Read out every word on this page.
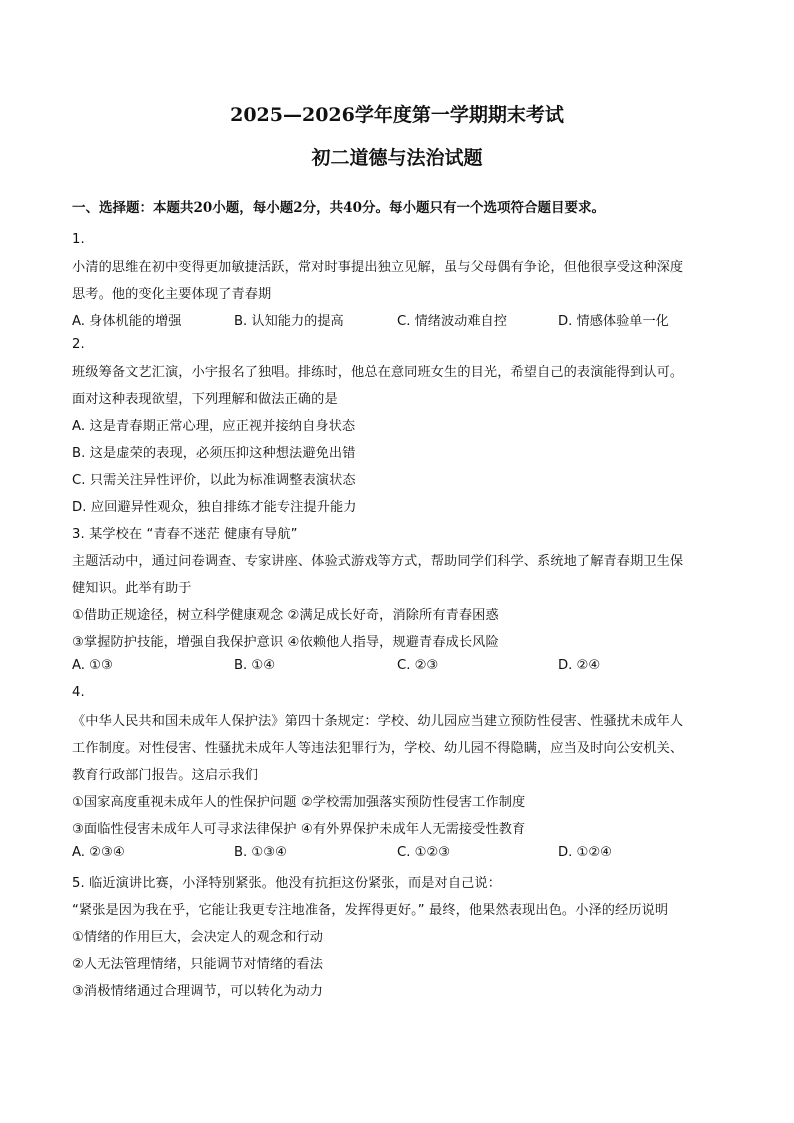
2025—2026学年度第一学期期末考试
初二道德与法治试题
一、选择题：本题共20小题，每小题2分，共40分。每小题只有一个选项符合题目要求。
1.
小清的思维在初中变得更加敏捷活跃，常对时事提出独立见解，虽与父母偶有争论，但他很享受这种深度
思考。他的变化主要体现了青春期
A. 身体机能的增强	B. 认知能力的提高	C. 情绪波动难自控	D. 情感体验单一化
2.
班级筹备文艺汇演，小宇报名了独唱。排练时，他总在意同班女生的目光，希望自己的表演能得到认可。
面对这种表现欲望，下列理解和做法正确的是
A. 这是青春期正常心理，应正视并接纳自身状态
B. 这是虚荣的表现，必须压抑这种想法避免出错
C. 只需关注异性评价，以此为标准调整表演状态
D. 应回避异性观众，独自排练才能专注提升能力
3. 某学校在 “青春不迷茫 健康有导航”
主题活动中，通过问卷调查、专家讲座、体验式游戏等方式，帮助同学们科学、系统地了解青春期卫生保
健知识。此举有助于
①借助正规途径，树立科学健康观念 ②满足成长好奇，消除所有青春困惑
③掌握防护技能，增强自我保护意识 ④依赖他人指导，规避青春成长风险
A. ①③	B. ①④	C. ②③	D. ②④
4.
《中华人民共和国未成年人保护法》第四十条规定：学校、幼儿园应当建立预防性侵害、性骚扰未成年人
工作制度。对性侵害、性骚扰未成年人等违法犯罪行为，学校、幼儿园不得隐瞒，应当及时向公安机关、
教育行政部门报告。这启示我们
①国家高度重视未成年人的性保护问题 ②学校需加强落实预防性侵害工作制度
③面临性侵害未成年人可寻求法律保护 ④有外界保护未成年人无需接受性教育
A. ②③④	B. ①③④	C. ①②③	D. ①②④
5. 临近演讲比赛，小泽特别紧张。他没有抗拒这份紧张，而是对自己说：
“紧张是因为我在乎，它能让我更专注地准备，发挥得更好。” 最终，他果然表现出色。小泽的经历说明
①情绪的作用巨大，会决定人的观念和行动
②人无法管理情绪，只能调节对情绪的看法
③消极情绪通过合理调节，可以转化为动力
